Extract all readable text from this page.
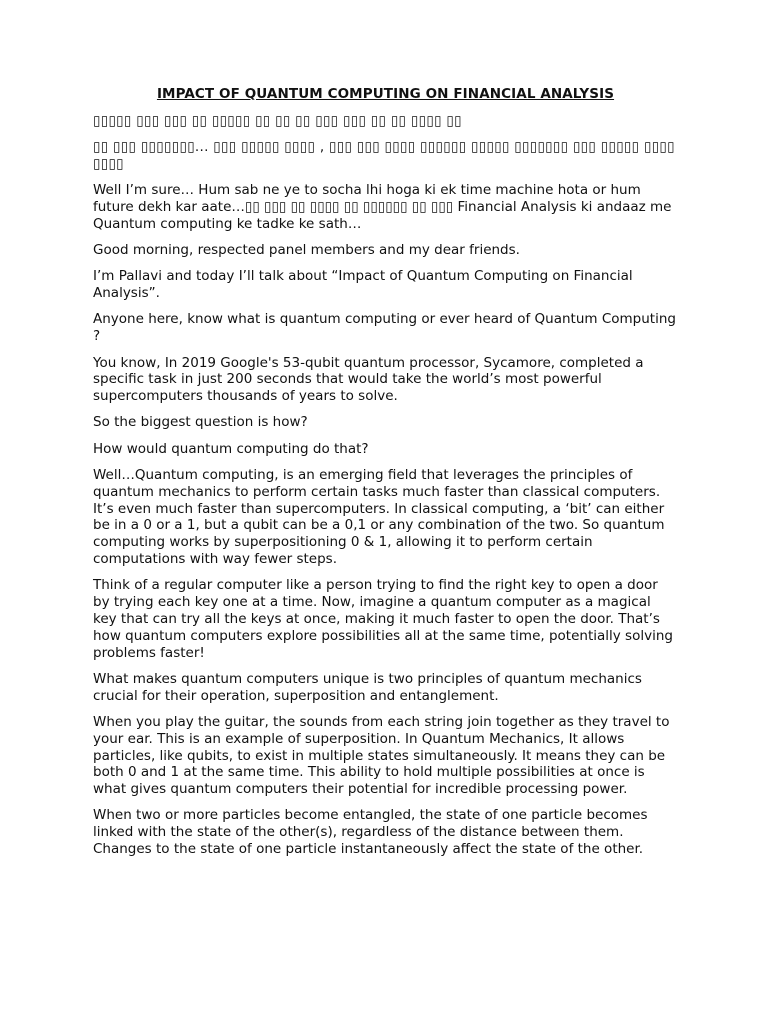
IMPACT OF QUANTUM COMPUTING ON FINANCIAL ANALYSIS

▯▯▯▯▯ ▯▯▯ ▯▯▯ ▯▯ ▯▯▯▯▯ ▯▯ ▯▯ ▯▯ ▯▯▯ ▯▯▯ ▯▯ ▯▯ ▯▯▯▯ ▯▯

▯▯ ▯▯▯ ▯▯▯▯▯▯▯... ▯▯▯ ▯▯▯▯▯ ▯▯▯▯ , ▯▯▯ ▯▯▯ ▯▯▯▯ ▯▯▯▯▯▯ ▯▯▯▯▯ ▯▯▯▯▯▯▯ ▯▯▯ ▯▯▯▯▯ ▯▯▯▯ ▯▯▯▯

Well I’m sure… Hum sab ne ye to socha lhi hoga ki ek time machine hota or hum future dekh kar aate…▯▯ ▯▯▯ ▯▯ ▯▯▯▯ ▯▯ ▯▯▯▯▯▯ ▯▯ ▯▯▯ Financial Analysis ki andaaz me Quantum computing ke tadke ke sath…

Good morning, respected panel members and my dear friends.

I’m Pallavi and today I’ll talk about “Impact of Quantum Computing on Financial Analysis”.

Anyone here, know what is quantum computing or ever heard of Quantum Computing ?

You know, In 2019 Google's 53-qubit quantum processor, Sycamore, completed a specific task in just 200 seconds that would take the world’s most powerful supercomputers thousands of years to solve.

So the biggest question is how?

How would quantum computing do that?

Well…Quantum computing, is an emerging field that leverages the principles of quantum mechanics to perform certain tasks much faster than classical computers. It’s even much faster than supercomputers. In classical computing, a ‘bit’ can either be in a 0 or a 1, but a qubit can be a 0,1 or any combination of the two. So quantum computing works by superpositioning 0 & 1, allowing it to perform certain computations with way fewer steps.

Think of a regular computer like a person trying to find the right key to open a door by trying each key one at a time. Now, imagine a quantum computer as a magical key that can try all the keys at once, making it much faster to open the door. That’s how quantum computers explore possibilities all at the same time, potentially solving problems faster!

What makes quantum computers unique is two principles of quantum mechanics crucial for their operation, superposition and entanglement.

When you play the guitar, the sounds from each string join together as they travel to your ear. This is an example of superposition. In Quantum Mechanics, It allows particles, like qubits, to exist in multiple states simultaneously. It means they can be both 0 and 1 at the same time. This ability to hold multiple possibilities at once is what gives quantum computers their potential for incredible processing power.

When two or more particles become entangled, the state of one particle becomes linked with the state of the other(s), regardless of the distance between them. Changes to the state of one particle instantaneously affect the state of the other.
